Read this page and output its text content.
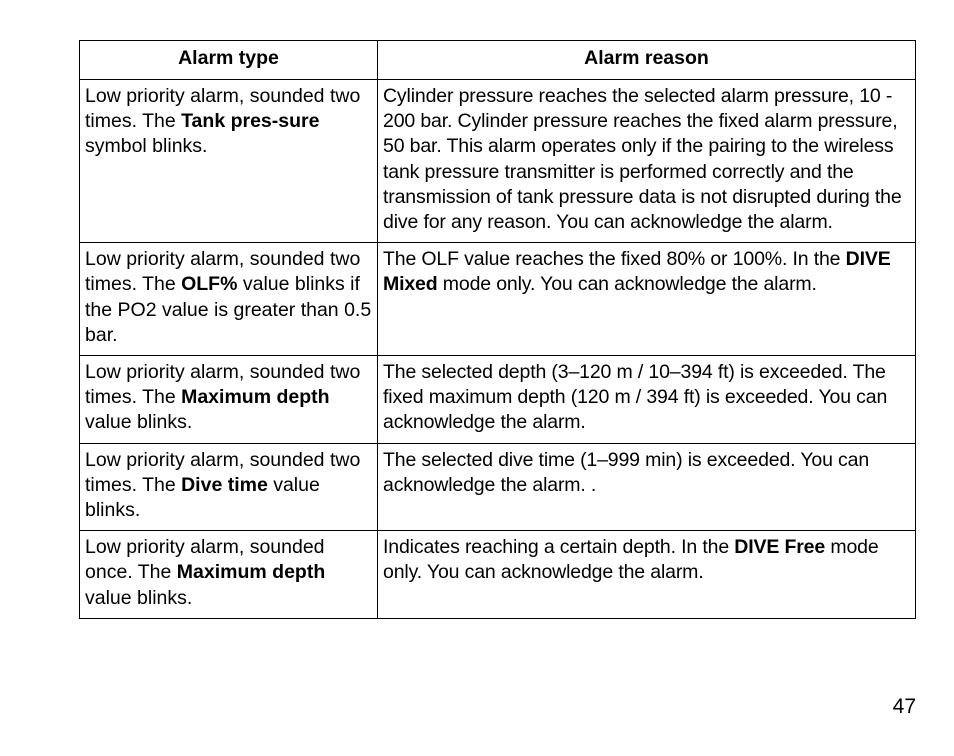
Alarm type	Alarm reason
Low priority alarm, sounded two times. The Tank pres-sure symbol blinks.	Cylinder pressure reaches the selected alarm pressure, 10 - 200 bar. Cylinder pressure reaches the fixed alarm pressure, 50 bar. This alarm operates only if the pairing to the wireless tank pressure transmitter is performed correctly and the transmission of tank pressure data is not disrupted during the dive for any reason. You can acknowledge the alarm.
Low priority alarm, sounded two times. The OLF% value blinks if the PO2 value is greater than 0.5 bar.	The OLF value reaches the fixed 80% or 100%. In the DIVE Mixed mode only. You can acknowledge the alarm.
Low priority alarm, sounded two times. The Maximum depth value blinks.	The selected depth (3–120 m / 10–394 ft) is exceeded. The fixed maximum depth (120 m / 394 ft) is exceeded. You can acknowledge the alarm.
Low priority alarm, sounded two times. The Dive time value blinks.	The selected dive time (1–999 min) is exceeded. You can acknowledge the alarm. .
Low priority alarm, sounded once. The Maximum depth value blinks.	Indicates reaching a certain depth. In the DIVE Free mode only. You can acknowledge the alarm.
47
